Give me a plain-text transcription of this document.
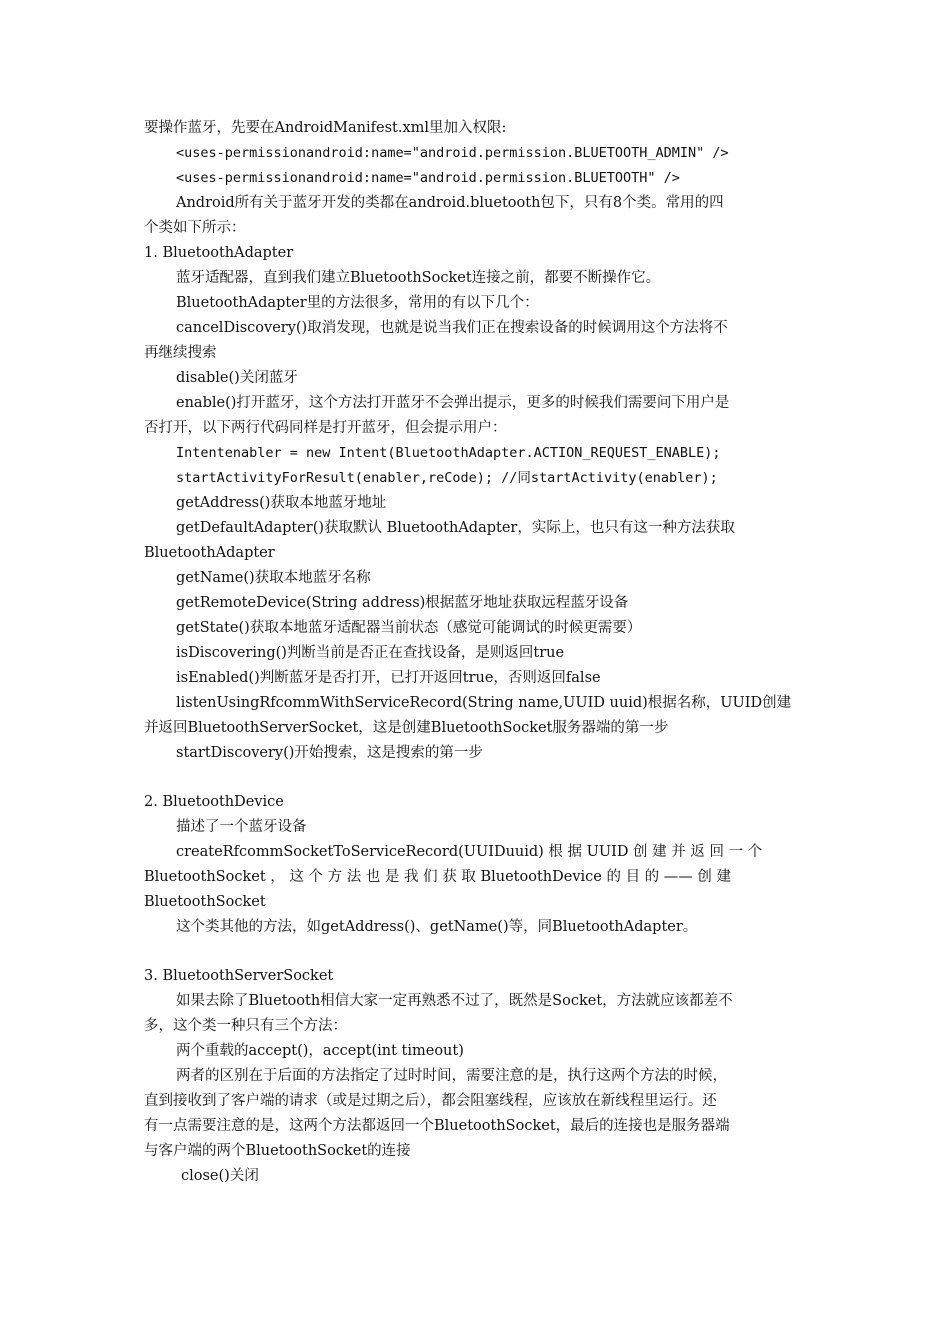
要操作蓝牙，先要在AndroidManifest.xml里加入权限:
<uses-permissionandroid:name="android.permission.BLUETOOTH_ADMIN" />
<uses-permissionandroid:name="android.permission.BLUETOOTH" />
Android所有关于蓝牙开发的类都在android.bluetooth包下，只有8个类。常用的四
个类如下所示：
1. BluetoothAdapter
蓝牙适配器，直到我们建立BluetoothSocket连接之前，都要不断操作它。
BluetoothAdapter里的方法很多，常用的有以下几个：
cancelDiscovery()取消发现，也就是说当我们正在搜索设备的时候调用这个方法将不
再继续搜索
disable()关闭蓝牙
enable()打开蓝牙，这个方法打开蓝牙不会弹出提示，更多的时候我们需要问下用户是
否打开，以下两行代码同样是打开蓝牙，但会提示用户：
Intentenabler = new Intent(BluetoothAdapter.ACTION_REQUEST_ENABLE);
startActivityForResult(enabler,reCode); //同startActivity(enabler);
getAddress()获取本地蓝牙地址
getDefaultAdapter()获取默认 BluetoothAdapter，实际上，也只有这一种方法获取
BluetoothAdapter
getName()获取本地蓝牙名称
getRemoteDevice(String address)根据蓝牙地址获取远程蓝牙设备
getState()获取本地蓝牙适配器当前状态（感觉可能调试的时候更需要）
isDiscovering()判断当前是否正在查找设备，是则返回true
isEnabled()判断蓝牙是否打开，已打开返回true，否则返回false
listenUsingRfcommWithServiceRecord(String name,UUID uuid)根据名称，UUID创建
并返回BluetoothServerSocket，这是创建BluetoothSocket服务器端的第一步
startDiscovery()开始搜索，这是搜索的第一步
2. BluetoothDevice
描述了一个蓝牙设备
createRfcommSocketToServiceRecord(UUIDuuid) 根 据 UUID 创 建 并 返 回 一 个
BluetoothSocket ， 这 个 方 法 也 是 我 们 获 取 BluetoothDevice 的 目 的 —— 创 建
BluetoothSocket
这个类其他的方法，如getAddress()、getName()等，同BluetoothAdapter。
3. BluetoothServerSocket
如果去除了Bluetooth相信大家一定再熟悉不过了，既然是Socket，方法就应该都差不
多，这个类一种只有三个方法：
两个重载的accept()，accept(int timeout)
两者的区别在于后面的方法指定了过时时间，需要注意的是，执行这两个方法的时候，
直到接收到了客户端的请求（或是过期之后），都会阻塞线程，应该放在新线程里运行。还
有一点需要注意的是，这两个方法都返回一个BluetoothSocket，最后的连接也是服务器端
与客户端的两个BluetoothSocket的连接
close()关闭
